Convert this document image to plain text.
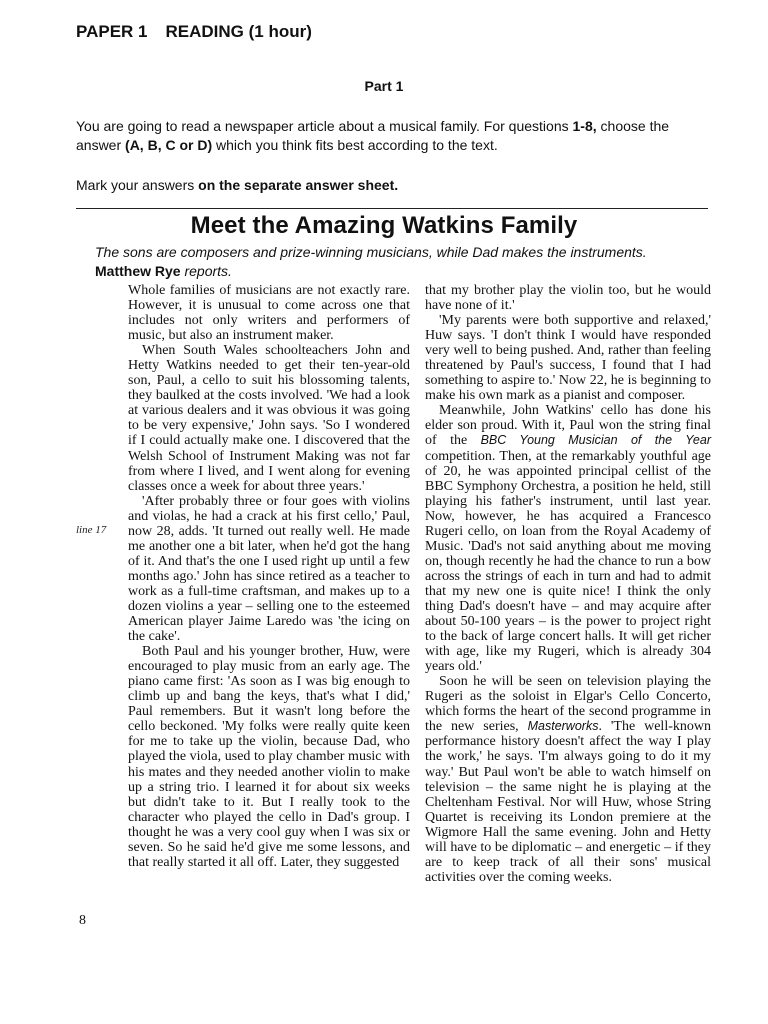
PAPER 1 READING (1 hour)
Part 1

You are going to read a newspaper article about a musical family. For questions 1-8, choose the answer (A, B, C or D) which you think fits best according to the text.

Mark your answers on the separate answer sheet.

Meet the Amazing Watkins Family
The sons are composers and prize-winning musicians, while Dad makes the instruments.
Matthew Rye reports.
line 17

Whole families of musicians are not exactly rare. However, it is unusual to come across one that includes not only writers and performers of music, but also an instrument maker.

When South Wales schoolteachers John and Hetty Watkins needed to get their ten-year-old son, Paul, a cello to suit his blossoming talents, they baulked at the costs involved. 'We had a look at various dealers and it was obvious it was going to be very expensive,' John says. 'So I wondered if I could actually make one. I discovered that the Welsh School of Instrument Making was not far from where I lived, and I went along for evening classes once a week for about three years.'

'After probably three or four goes with violins and violas, he had a crack at his first cello,' Paul, now 28, adds. 'It turned out really well. He made me another one a bit later, when he'd got the hang of it. And that's the one I used right up until a few months ago.' John has since retired as a teacher to work as a full-time craftsman, and makes up to a dozen violins a year – selling one to the esteemed American player Jaime Laredo was 'the icing on the cake'.

Both Paul and his younger brother, Huw, were encouraged to play music from an early age. The piano came first: 'As soon as I was big enough to climb up and bang the keys, that's what I did,' Paul remembers. But it wasn't long before the cello beckoned. 'My folks were really quite keen for me to take up the violin, because Dad, who played the viola, used to play chamber music with his mates and they needed another violin to make up a string trio. I learned it for about six weeks but didn't take to it. But I really took to the character who played the cello in Dad's group. I thought he was a very cool guy when I was six or seven. So he said he'd give me some lessons, and that really started it all off. Later, they suggested

that my brother play the violin too, but he would have none of it.'

'My parents were both supportive and relaxed,' Huw says. 'I don't think I would have responded very well to being pushed. And, rather than feeling threatened by Paul's success, I found that I had something to aspire to.' Now 22, he is beginning to make his own mark as a pianist and composer.

Meanwhile, John Watkins' cello has done his elder son proud. With it, Paul won the string final of the BBC Young Musician of the Year competition. Then, at the remarkably youthful age of 20, he was appointed principal cellist of the BBC Symphony Orchestra, a position he held, still playing his father's instrument, until last year. Now, however, he has acquired a Francesco Rugeri cello, on loan from the Royal Academy of Music. 'Dad's not said anything about me moving on, though recently he had the chance to run a bow across the strings of each in turn and had to admit that my new one is quite nice! I think the only thing Dad's doesn't have – and may acquire after about 50-100 years – is the power to project right to the back of large concert halls. It will get richer with age, like my Rugeri, which is already 304 years old.'

Soon he will be seen on television playing the Rugeri as the soloist in Elgar's Cello Concerto, which forms the heart of the second programme in the new series, Masterworks. 'The well-known performance history doesn't affect the way I play the work,' he says. 'I'm always going to do it my way.' But Paul won't be able to watch himself on television – the same night he is playing at the Cheltenham Festival. Nor will Huw, whose String Quartet is receiving its London premiere at the Wigmore Hall the same evening. John and Hetty will have to be diplomatic – and energetic – if they are to keep track of all their sons' musical activities over the coming weeks.

8
